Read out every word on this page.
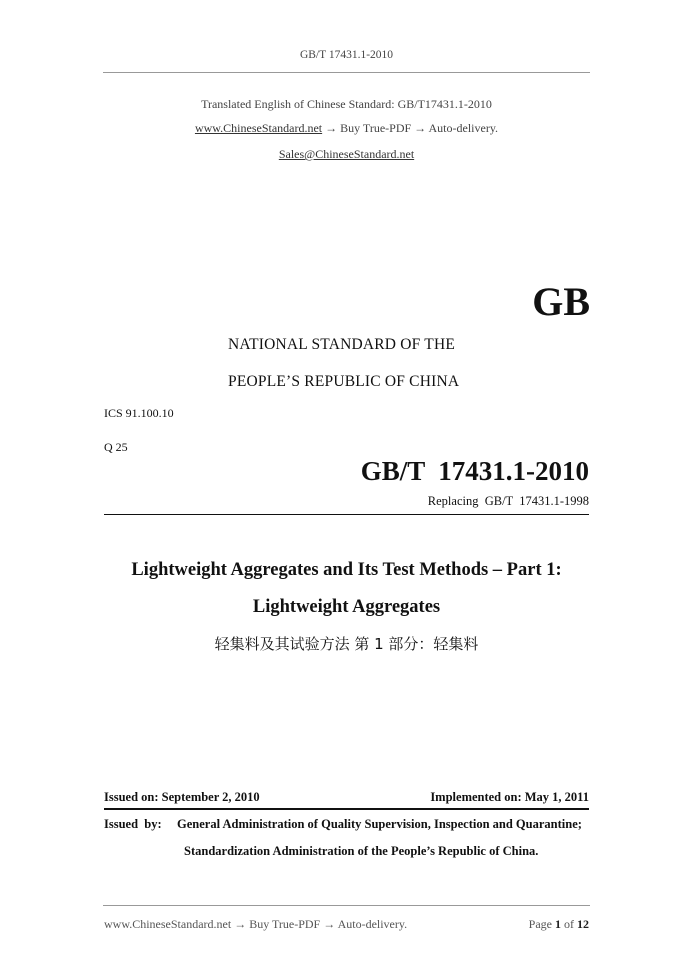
GB/T 17431.1-2010
Translated English of Chinese Standard: GB/T17431.1-2010
www.ChineseStandard.net → Buy True-PDF → Auto-delivery.
Sales@ChineseStandard.net
GB
NATIONAL STANDARD OF THE
PEOPLE’S REPUBLIC OF CHINA
ICS 91.100.10
Q 25
GB/T  17431.1-2010
Replacing  GB/T  17431.1-1998
Lightweight Aggregates and Its Test Methods – Part 1:
Lightweight Aggregates
轻集料及其试验方法 第 1 部分：轻集料
Issued on: September 2, 2010	Implemented on: May 1, 2011
Issued  by:	General Administration of Quality Supervision, Inspection and Quarantine;
Standardization Administration of the People’s Republic of China.
www.ChineseStandard.net → Buy True-PDF → Auto-delivery.	Page 1 of 12
